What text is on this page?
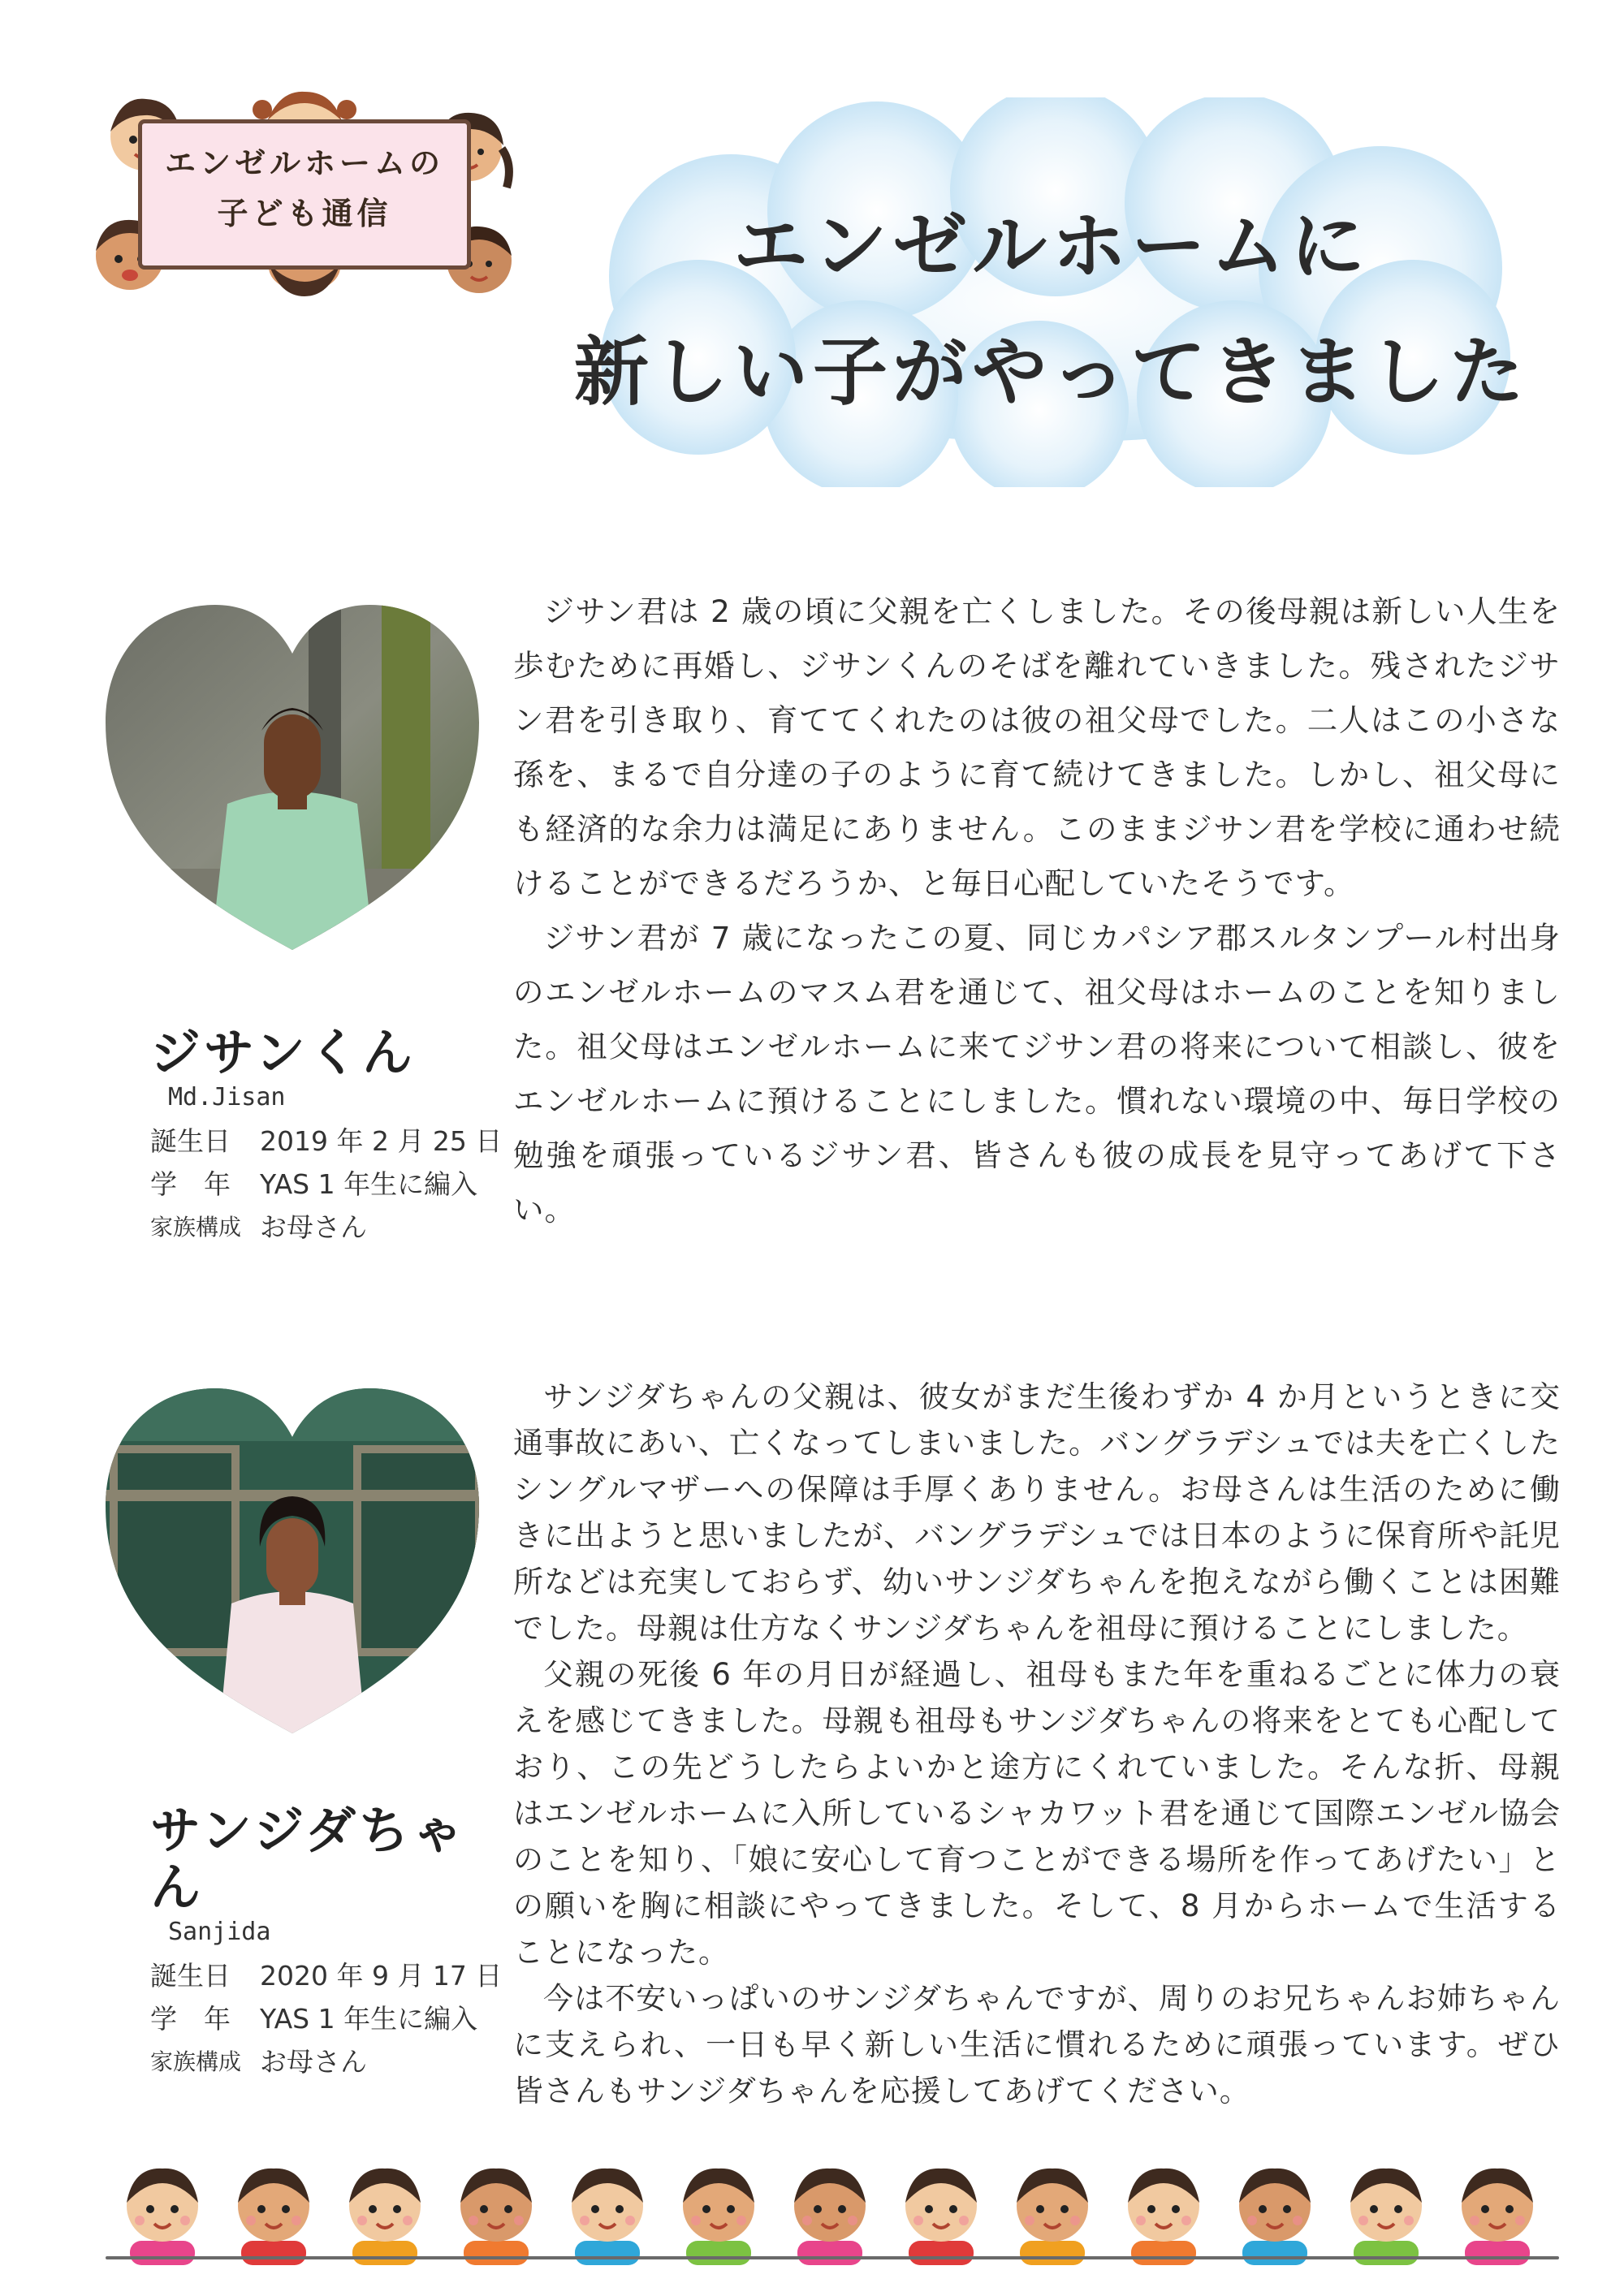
エンゼルホームの
子ども通信	エンゼルホームに
新しい子がやってきました
ジサンくん
Md.Jisan
誕生日	2019 年 2 月 25 日
学　年	YAS 1 年生に編入
家族構成 お母さん

ジサン君は 2 歳の頃に父親を亡くしました。その後母親は新しい人生を歩むために再婚し、ジサンくんのそばを離れていきました。残されたジサン君を引き取り、育ててくれたのは彼の祖父母でした。二人はこの小さな孫を、まるで自分達の子のように育て続けてきました。しかし、祖父母にも経済的な余力は満足にありません。このままジサン君を学校に通わせ続けることができるだろうか、と毎日心配していたそうです。

ジサン君が 7 歳になったこの夏、同じカパシア郡スルタンプール村出身のエンゼルホームのマスム君を通じて、祖父母はホームのことを知りました。祖父母はエンゼルホームに来てジサン君の将来について相談し、彼をエンゼルホームに預けることにしました。慣れない環境の中、毎日学校の勉強を頑張っているジサン君、皆さんも彼の成長を見守ってあげて下さい。

サンジダちゃん
Sanjida
誕生日	2020 年 9 月 17 日
学　年	YAS 1 年生に編入
家族構成 お母さん

サンジダちゃんの父親は、彼女がまだ生後わずか 4 か月というときに交通事故にあい、亡くなってしまいました。バングラデシュでは夫を亡くしたシングルマザーへの保障は手厚くありません。お母さんは生活のために働きに出ようと思いましたが、バングラデシュでは日本のように保育所や託児所などは充実しておらず、幼いサンジダちゃんを抱えながら働くことは困難でした。母親は仕方なくサンジダちゃんを祖母に預けることにしました。

父親の死後 6 年の月日が経過し、祖母もまた年を重ねるごとに体力の衰えを感じてきました。母親も祖母もサンジダちゃんの将来をとても心配しており、この先どうしたらよいかと途方にくれていました。そんな折、母親はエンゼルホームに入所しているシャカワット君を通じて国際エンゼル協会のことを知り、「娘に安心して育つことができる場所を作ってあげたい」との願いを胸に相談にやってきました。そして、8 月からホームで生活することになった。

今は不安いっぱいのサンジダちゃんですが、周りのお兄ちゃんお姉ちゃんに支えられ、一日も早く新しい生活に慣れるために頑張っています。ぜひ皆さんもサンジダちゃんを応援してあげてください。
